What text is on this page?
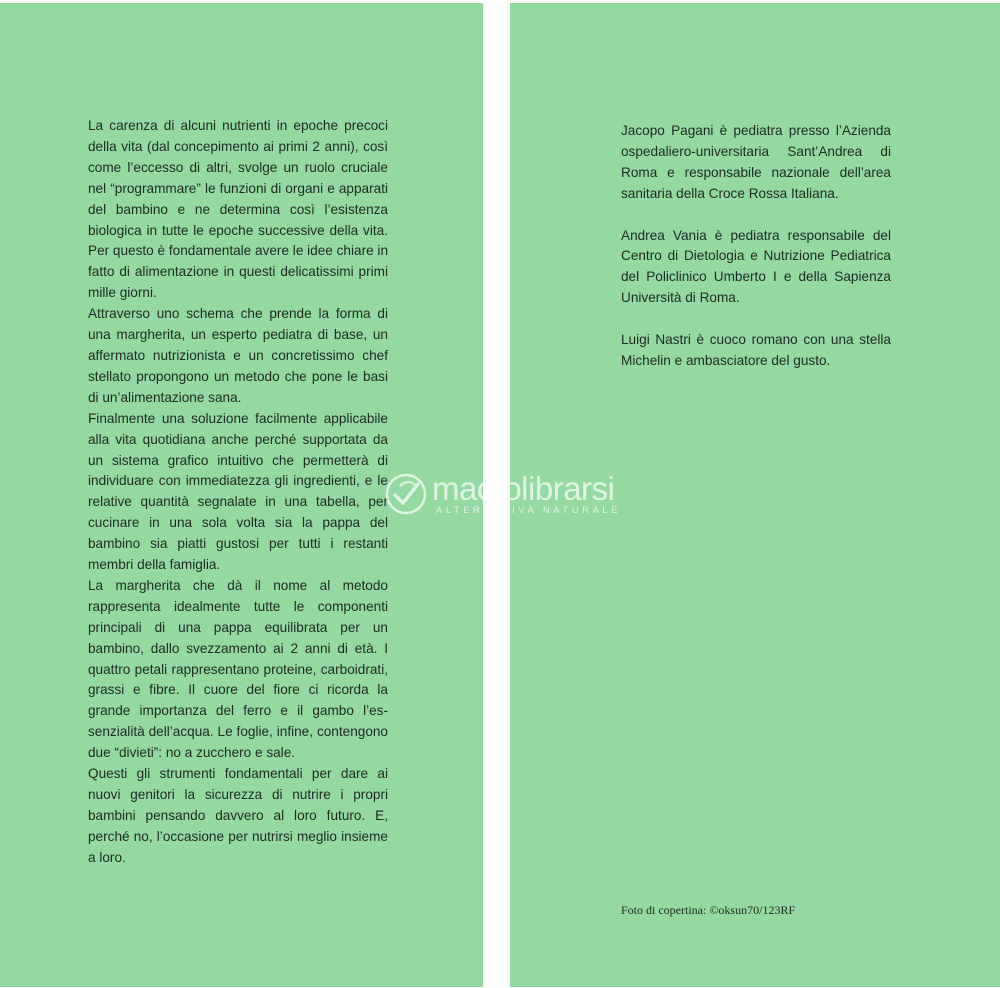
La carenza di alcuni nutrienti in epoche precoci della vita (dal concepimento ai primi 2 anni), così come l’eccesso di altri, svolge un ruolo cruciale nel “programmare” le funzioni di organi e apparati del bambino e ne determina così l’esistenza biologica in tutte le epoche successive della vita. Per questo è fondamentale avere le idee chiare in fatto di alimentazione in questi delicatissimi primi mille giorni.

Attraverso uno schema che prende la forma di una margherita, un esperto pediatra di base, un affermato nutrizionista e un concretissimo chef stellato propongono un metodo che pone le basi di un’alimentazione sana.

Finalmente una soluzione facilmente applicabile alla vita quotidiana anche perché supportata da un sistema grafico intuitivo che permetterà di individuare con immediatezza gli ingredienti, e le relative quantità segnalate in una tabella, per cucinare in una sola volta sia la pappa del bambino sia piatti gustosi per tutti i restanti membri della famiglia.

La margherita che dà il nome al metodo rappresenta idealmente tutte le componenti principali di una pappa equilibrata per un bambino, dallo svezzamento ai 2 anni di età. I quattro petali rappresentano proteine, carboidrati, grassi e fibre. Il cuore del fiore ci ricorda la grande importanza del ferro e il gambo l’essenzialità dell’acqua. Le foglie, infine, contengono due “divieti”: no a zucchero e sale.

Questi gli strumenti fondamentali per dare ai nuovi genitori la sicurezza di nutrire i propri bambini pensando davvero al loro futuro. E, perché no, l’occasione per nutrirsi meglio insieme a loro.

Jacopo Pagani è pediatra presso l’Azienda ospedaliero-universitaria Sant’Andrea di Roma e responsabile nazionale dell’area sanitaria della Croce Rossa Italiana.

Andrea Vania è pediatra responsabile del Centro di Dietologia e Nutrizione Pediatrica del Policlinico Umberto I e della Sapienza Università di Roma.

Luigi Nastri è cuoco romano con una stella Michelin e ambasciatore del gusto.

Foto di copertina: ©oksun70/123RF

macrolibrarsi
ALTERNATIVA NATURALE
